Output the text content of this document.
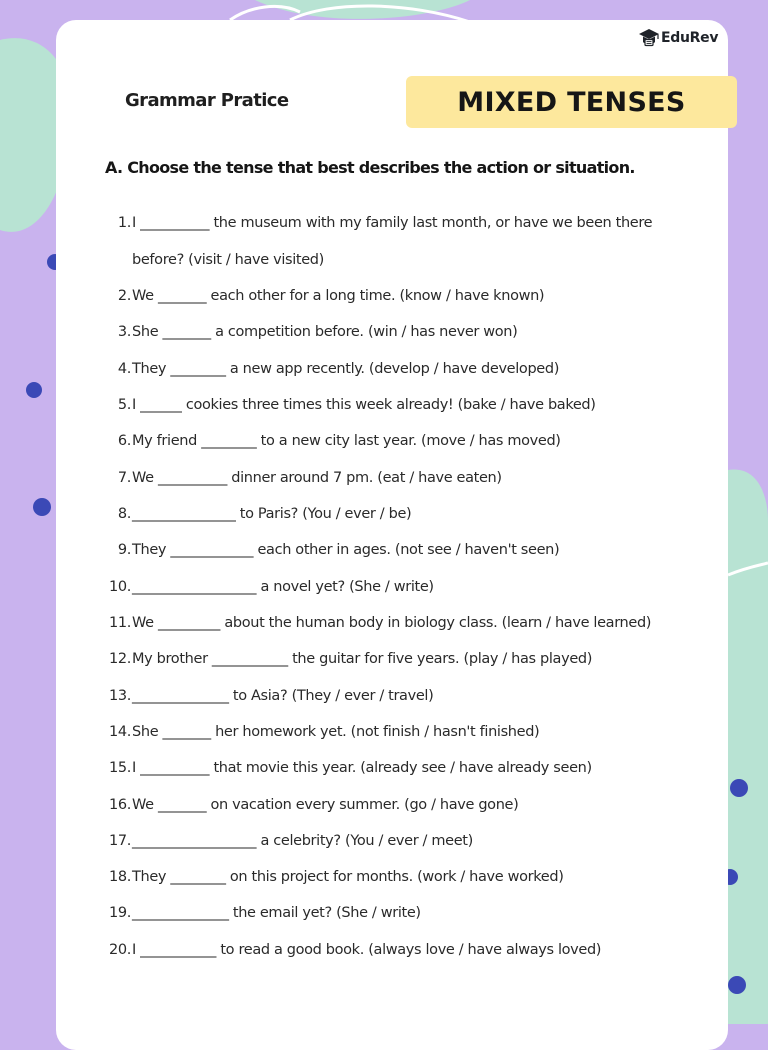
EduRev
Grammar Pratice	MIXED TENSES
A. Choose the tense that best describes the action or situation.
1. I __________ the museum with my family last month, or have we been there
before? (visit / have visited)
2. We _______ each other for a long time. (know / have known)
3. She _______ a competition before. (win / has never won)
4. They ________ a new app recently. (develop / have developed)
5. I ______ cookies three times this week already! (bake / have baked)
6. My friend ________ to a new city last year. (move / has moved)
7. We __________ dinner around 7 pm. (eat / have eaten)
8. _______________ to Paris? (You / ever / be)
9. They ____________ each other in ages. (not see / haven't seen)
10. __________________ a novel yet? (She / write)
11. We _________ about the human body in biology class. (learn / have learned)
12. My brother ___________ the guitar for five years. (play / has played)
13. ______________ to Asia? (They / ever / travel)
14. She _______ her homework yet. (not finish / hasn't finished)
15. I __________ that movie this year. (already see / have already seen)
16. We _______ on vacation every summer. (go / have gone)
17. __________________ a celebrity? (You / ever / meet)
18. They ________ on this project for months. (work / have worked)
19. ______________ the email yet? (She / write)
20. I ___________ to read a good book. (always love / have always loved)
